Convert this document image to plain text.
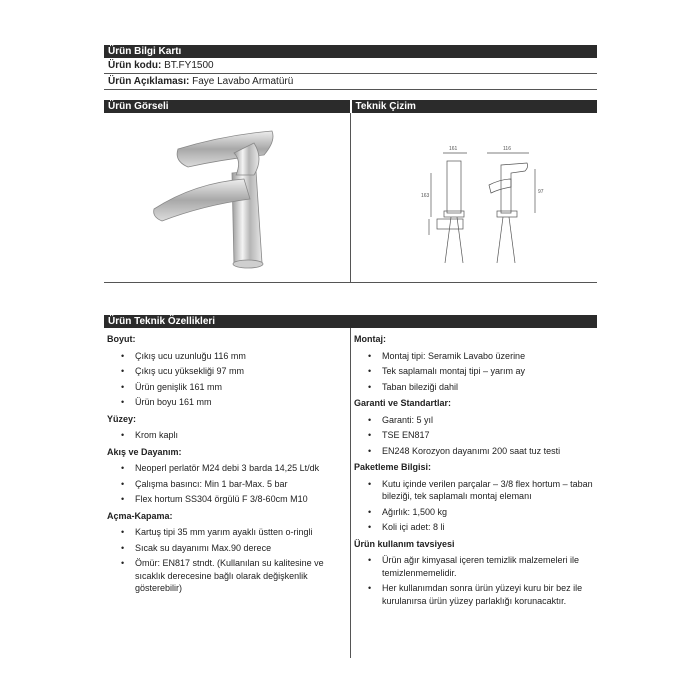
Ürün Bilgi Kartı
Ürün kodu: BT.FY1500
Ürün Açıklaması: Faye Lavabo Armatürü
Ürün Görseli	Teknik Çizim
161
163
116
97
Ürün Teknik Özellikleri
Boyut:
• Çıkış ucu uzunluğu 116 mm
• Çıkış ucu yüksekliği 97 mm
• Ürün genişlik 161 mm
• Ürün boyu 161 mm
Yüzey:
• Krom kaplı
Akış ve Dayanım:
• Neoperl perlatör M24 debi 3 barda 14,25 Lt/dk
• Çalışma basıncı: Min 1 bar-Max. 5 bar
• Flex hortum SS304 örgülü F 3/8-60cm M10
Açma-Kapama:
• Kartuş tipi 35 mm yarım ayaklı üstten o-ringli
• Sıcak su dayanımı Max.90 derece
• Ömür: EN817 stndt. (Kullanılan su kalitesine ve sıcaklık derecesine bağlı olarak değişkenlik gösterebilir)
Montaj:
• Montaj tipi: Seramik Lavabo üzerine
• Tek saplamalı montaj tipi – yarım ay
• Taban bileziği dahil
Garanti ve Standartlar:
• Garanti: 5 yıl
• TSE EN817
• EN248 Korozyon dayanımı 200 saat tuz testi
Paketleme Bilgisi:
• Kutu içinde verilen parçalar – 3/8 flex hortum – taban bileziği, tek saplamalı montaj elemanı
• Ağırlık: 1,500 kg
• Koli içi adet: 8 li
Ürün kullanım tavsiyesi
• Ürün ağır kimyasal içeren temizlik malzemeleri ile temizlenmemelidir.
• Her kullanımdan sonra ürün yüzeyi kuru bir bez ile kurulanırsa ürün yüzey parlaklığı korunacaktır.
